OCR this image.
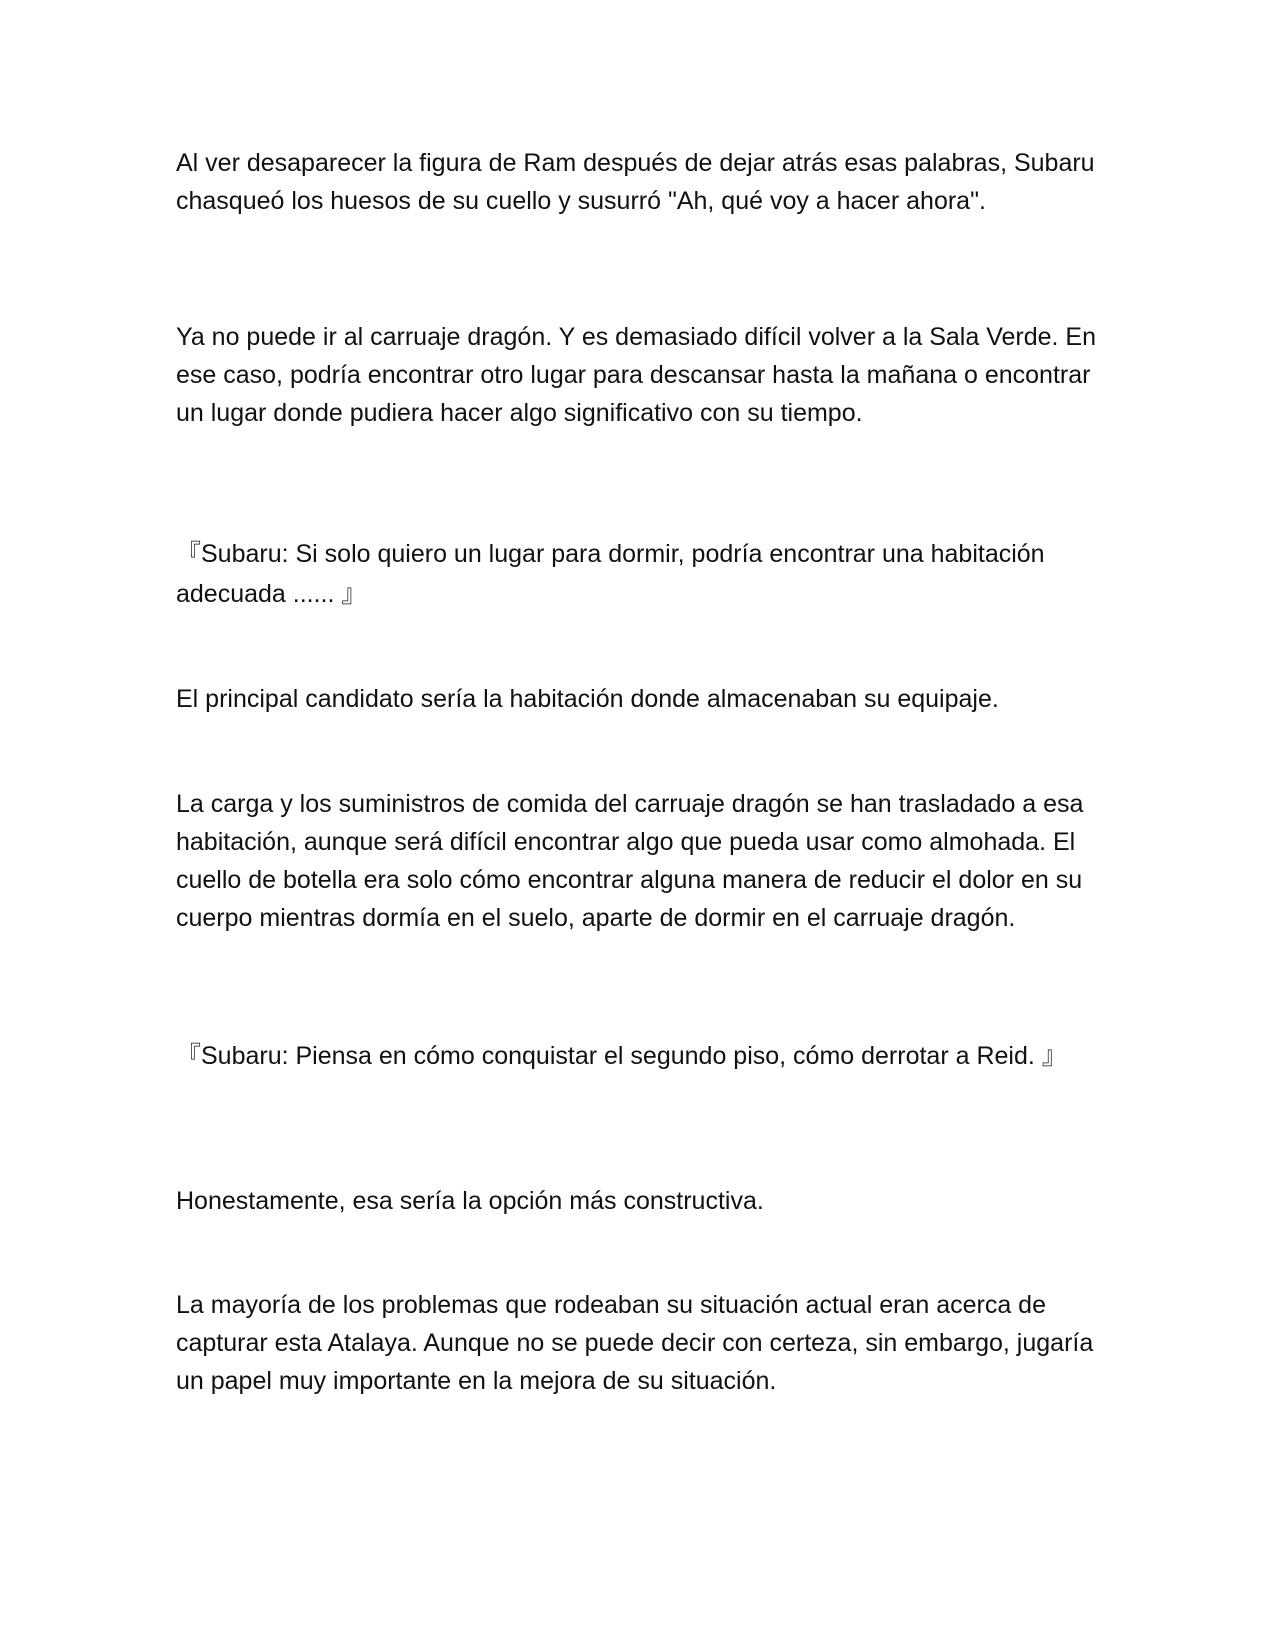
Al ver desaparecer la figura de Ram después de dejar atrás esas palabras, Subaru chasqueó los huesos de su cuello y susurró "Ah, qué voy a hacer ahora".

Ya no puede ir al carruaje dragón. Y es demasiado difícil volver a la Sala Verde. En ese caso, podría encontrar otro lugar para descansar hasta la mañana o encontrar un lugar donde pudiera hacer algo significativo con su tiempo.

『Subaru: Si solo quiero un lugar para dormir, podría encontrar una habitación adecuada ...... 』

El principal candidato sería la habitación donde almacenaban su equipaje.

La carga y los suministros de comida del carruaje dragón se han trasladado a esa habitación, aunque será difícil encontrar algo que pueda usar como almohada. El cuello de botella era solo cómo encontrar alguna manera de reducir el dolor en su cuerpo mientras dormía en el suelo, aparte de dormir en el carruaje dragón.

『Subaru: Piensa en cómo conquistar el segundo piso, cómo derrotar a Reid. 』

Honestamente, esa sería la opción más constructiva.

La mayoría de los problemas que rodeaban su situación actual eran acerca de capturar esta Atalaya. Aunque no se puede decir con certeza, sin embargo, jugaría un papel muy importante en la mejora de su situación.
